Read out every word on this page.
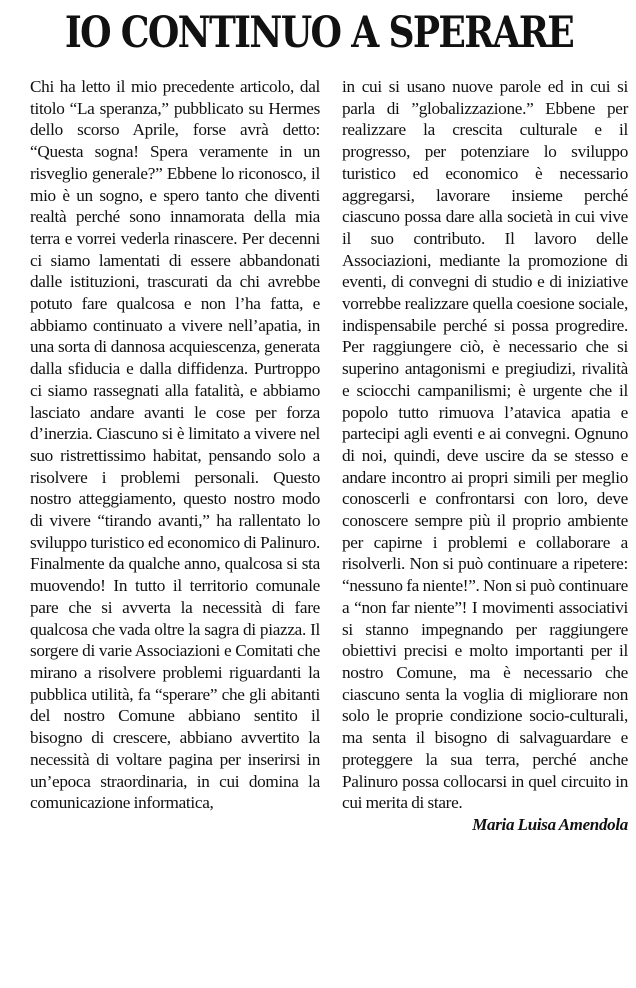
IO CONTINUO A SPERARE

Chi ha letto il mio precedente articolo, dal titolo “La speranza,” pubblicato su Hermes dello scorso Aprile, forse avrà detto: “Questa sogna! Spera veramente in un risveglio generale?” Ebbene lo riconosco, il mio è un sogno, e spero tanto che diventi realtà perché sono innamorata della mia terra e vorrei vederla rinascere. Per decenni ci siamo lamentati di essere abbandonati dalle istituzioni, trascurati da chi avrebbe potuto fare qualcosa e non l’ha fatta, e abbiamo continuato a vivere nell’apatia, in una sorta di dannosa acquiescenza, generata dalla sfiducia e dalla diffidenza. Purtroppo ci siamo rassegnati alla fatalità, e abbiamo lasciato andare avanti le cose per forza d’inerzia. Ciascuno si è limitato a vivere nel suo ristrettissimo habitat, pensando solo a risolvere i problemi personali. Questo nostro atteggiamento, questo nostro modo di vivere “tirando avanti,” ha rallentato lo sviluppo turistico ed economico di Palinuro. Finalmente da qualche anno, qualcosa si sta muovendo! In tutto il territorio comunale pare che si avverta la necessità di fare qualcosa che vada oltre la sagra di piazza. Il sorgere di varie Associazioni e Comitati che mirano a risolvere problemi riguardanti la pubblica utilità, fa “sperare” che gli abitanti del nostro Comune abbiano sentito il bisogno di crescere, abbiano avvertito la necessità di voltare pagina per inserirsi in un’epoca straordinaria, in cui domina la comunicazione informatica,

in cui si usano nuove parole ed in cui si parla di ”globalizzazione.” Ebbene per realizzare la crescita culturale e il progresso, per potenziare lo sviluppo turistico ed economico è necessario aggregarsi, lavorare insieme perché ciascuno possa dare alla società in cui vive il suo contributo. Il lavoro delle Associazioni, mediante la promozione di eventi, di convegni di studio e di iniziative vorrebbe realizzare quella coesione sociale, indispensabile perché si possa progredire. Per raggiungere ciò, è necessario che si superino antagonismi e pregiudizi, rivalità e sciocchi campanilismi; è urgente che il popolo tutto rimuova l’atavica apatia e partecipi agli eventi e ai convegni. Ognuno di noi, quindi, deve uscire da se stesso e andare incontro ai propri simili per meglio conoscerli e confrontarsi con loro, deve conoscere sempre più il proprio ambiente per capirne i problemi e collaborare a risolverli. Non si può continuare a ripetere: “nessuno fa niente!”. Non si può continuare a “non far niente”! I movimenti associativi si stanno impegnando per raggiungere obiettivi precisi e molto importanti per il nostro Comune, ma è necessario che ciascuno senta la voglia di migliorare non solo le proprie condizione socio-culturali, ma senta il bisogno di salvaguardare e proteggere la sua terra, perché anche Palinuro possa collocarsi in quel circuito in cui merita di stare.

Maria Luisa Amendola
